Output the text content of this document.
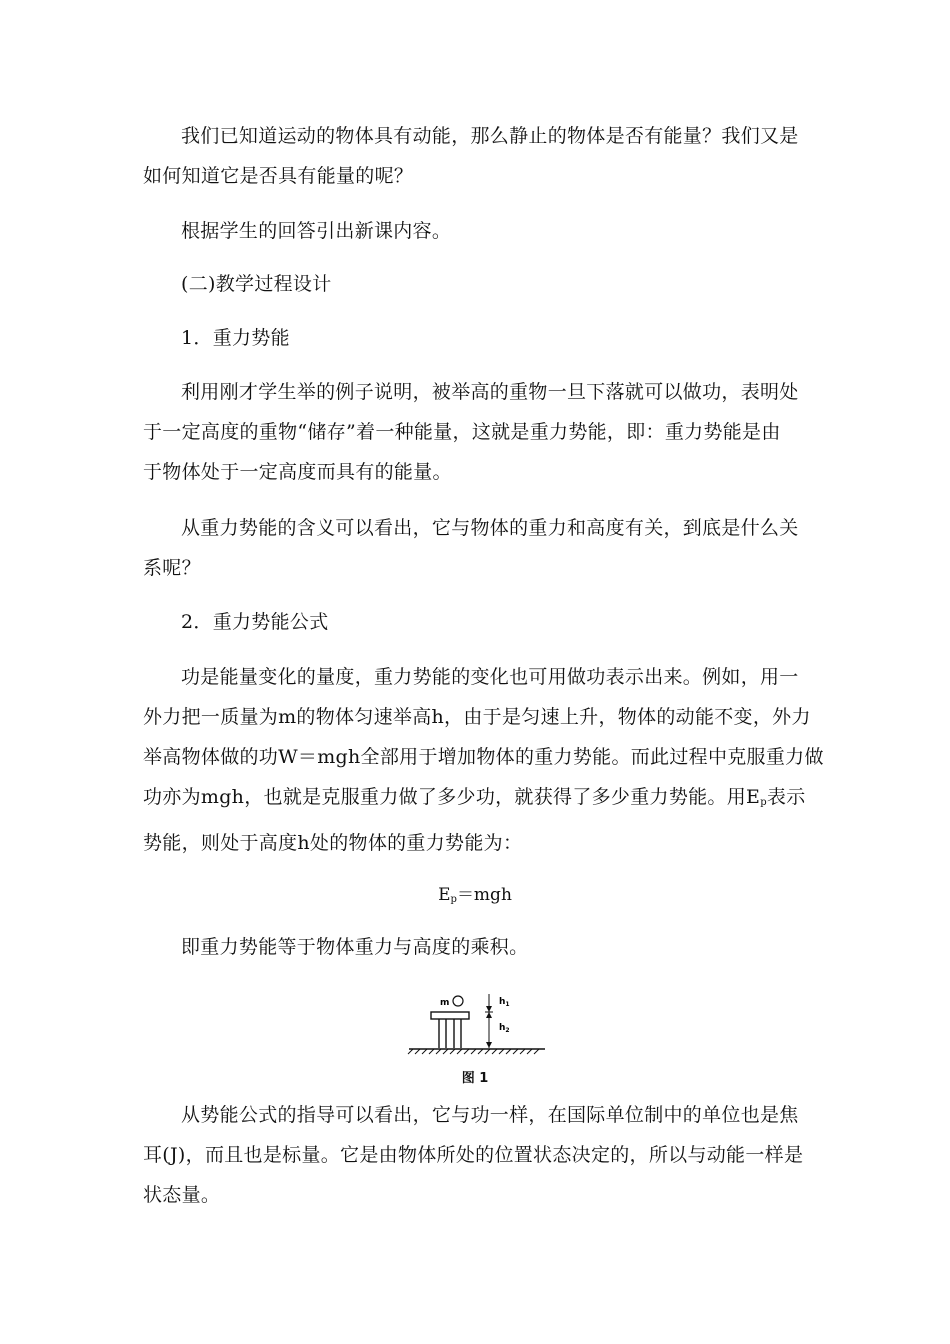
我们已知道运动的物体具有动能，那么静止的物体是否有能量？我们又是
如何知道它是否具有能量的呢？

根据学生的回答引出新课内容。

(二)教学过程设计

1．重力势能

利用刚才学生举的例子说明，被举高的重物一旦下落就可以做功，表明处
于一定高度的重物“储存”着一种能量，这就是重力势能，即：重力势能是由
于物体处于一定高度而具有的能量。

从重力势能的含义可以看出，它与物体的重力和高度有关，到底是什么关
系呢？

2．重力势能公式

功是能量变化的量度，重力势能的变化也可用做功表示出来。例如，用一
外力把一质量为m的物体匀速举高h，由于是匀速上升，物体的动能不变，外力
举高物体做的功W＝mgh全部用于增加物体的重力势能。而此过程中克服重力做
功亦为mgh，也就是克服重力做了多少功，就获得了多少重力势能。用$E_p$表示
势能，则处于高度h处的物体的重力势能为：

$E_p=mgh$

即重力势能等于物体重力与高度的乘积。

m	$h_1$
$h_2$
图 1

从势能公式的指导可以看出，它与功一样，在国际单位制中的单位也是焦
耳(J)，而且也是标量。它是由物体所处的位置状态决定的，所以与动能一样是
状态量。
